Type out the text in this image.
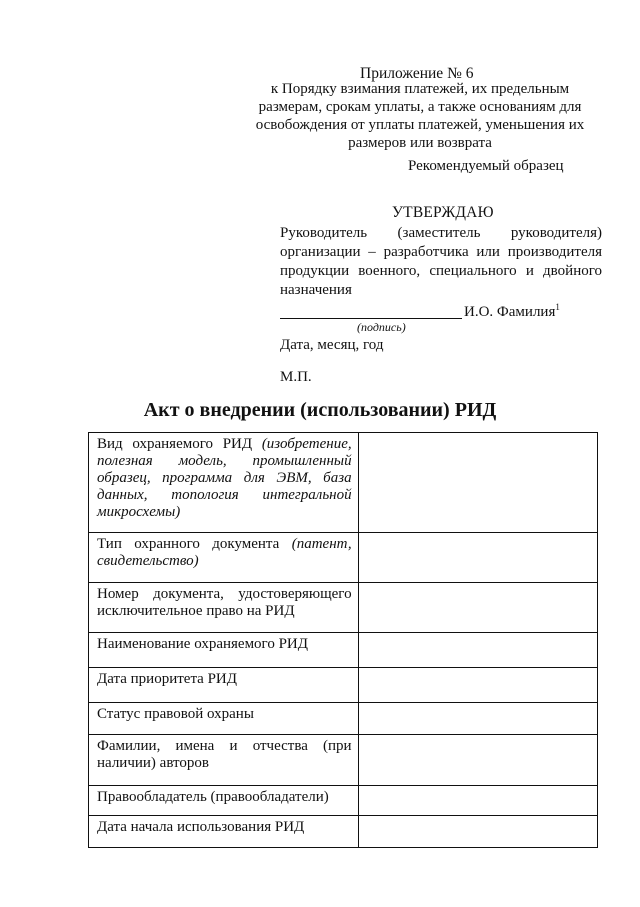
Приложение № 6
к Порядку взимания платежей, их предельным
размерам, срокам уплаты, а также основаниям для
освобождения от уплаты платежей, уменьшения их
размеров или возврата
Рекомендуемый образец
УТВЕРЖДАЮ
Руководитель (заместитель руководителя)
организации – разработчика или производителя
продукции военного, специального и двойного
назначения
И.О. Фамилия$^1$
(подпись)
Дата, месяц, год
М.П.
Акт о внедрении (использовании) РИД
Вид охраняемого РИД (изобретение, полезная модель, промышленный образец, программа для ЭВМ, база данных, топология интегральной микросхемы)	
Тип охранного документа (патент, свидетельство)	
Номер документа, удостоверяющего исключительное право на РИД	
Наименование охраняемого РИД	
Дата приоритета РИД	
Статус правовой охраны	
Фамилии, имена и отчества (при наличии) авторов	
Правообладатель (правообладатели)	
Дата начала использования РИД	
